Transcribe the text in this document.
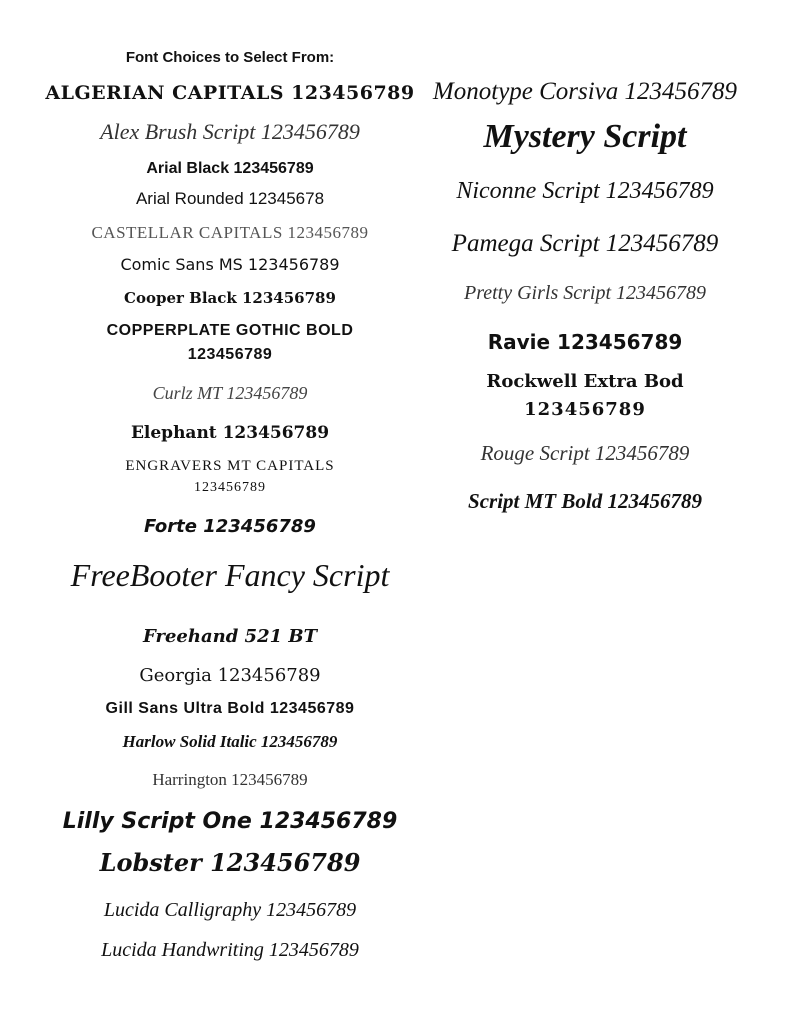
Font Choices to Select From:
ALGERIAN CAPITALS 123456789
Alex Brush Script 123456789
Arial Black 123456789
Arial Rounded 12345678
CASTELLAR CAPITALS 123456789
Comic Sans MS 123456789
Cooper Black 123456789
COPPERPLATE GOTHIC BOLD
123456789
Curlz MT 123456789
Elephant 123456789
ENGRAVERS MT CAPITALS
123456789
Forte 123456789
FreeBooter Fancy Script
Freehand 521 BT
Georgia 123456789
Gill Sans Ultra Bold 123456789
Harlow Solid Italic 123456789
Harrington 123456789
Lilly Script One 123456789
Lobster 123456789
Lucida Calligraphy 123456789
Lucida Handwriting 123456789
Monotype Corsiva 123456789
Mystery Script
Niconne Script 123456789
Pamega Script 123456789
Pretty Girls Script 123456789
Ravie 123456789
Rockwell Extra Bod
123456789
Rouge Script 123456789
Script MT Bold 123456789
